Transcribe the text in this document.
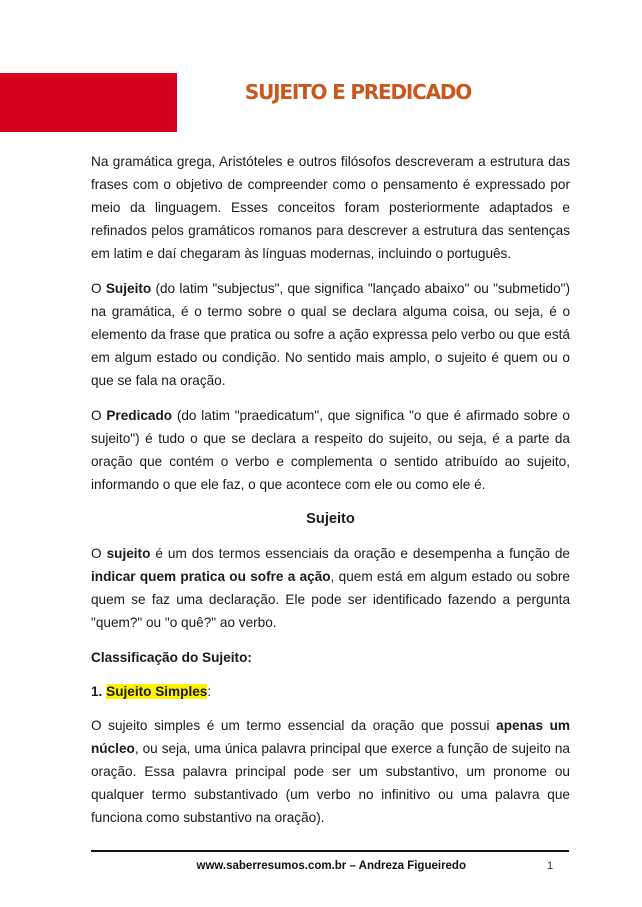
SUJEITO E PREDICADO

Na gramática grega, Aristóteles e outros filósofos descreveram a estrutura das frases com o objetivo de compreender como o pensamento é expressado por meio da linguagem. Esses conceitos foram posteriormente adaptados e refinados pelos gramáticos romanos para descrever a estrutura das sentenças em latim e daí chegaram às línguas modernas, incluindo o português.

O Sujeito (do latim "subjectus", que significa "lançado abaixo" ou "submetido") na gramática, é o termo sobre o qual se declara alguma coisa, ou seja, é o elemento da frase que pratica ou sofre a ação expressa pelo verbo ou que está em algum estado ou condição. No sentido mais amplo, o sujeito é quem ou o que se fala na oração.

O Predicado (do latim "praedicatum", que significa "o que é afirmado sobre o sujeito") é tudo o que se declara a respeito do sujeito, ou seja, é a parte da oração que contém o verbo e complementa o sentido atribuído ao sujeito, informando o que ele faz, o que acontece com ele ou como ele é.

Sujeito

O sujeito é um dos termos essenciais da oração e desempenha a função de indicar quem pratica ou sofre a ação, quem está em algum estado ou sobre quem se faz uma declaração. Ele pode ser identificado fazendo a pergunta "quem?" ou "o quê?" ao verbo.

Classificação do Sujeito:
1. Sujeito Simples:

O sujeito simples é um termo essencial da oração que possui apenas um núcleo, ou seja, uma única palavra principal que exerce a função de sujeito na oração. Essa palavra principal pode ser um substantivo, um pronome ou qualquer termo substantivado (um verbo no infinitivo ou uma palavra que funciona como substantivo na oração).

www.saberresumos.com.br – Andreza Figueiredo	1
